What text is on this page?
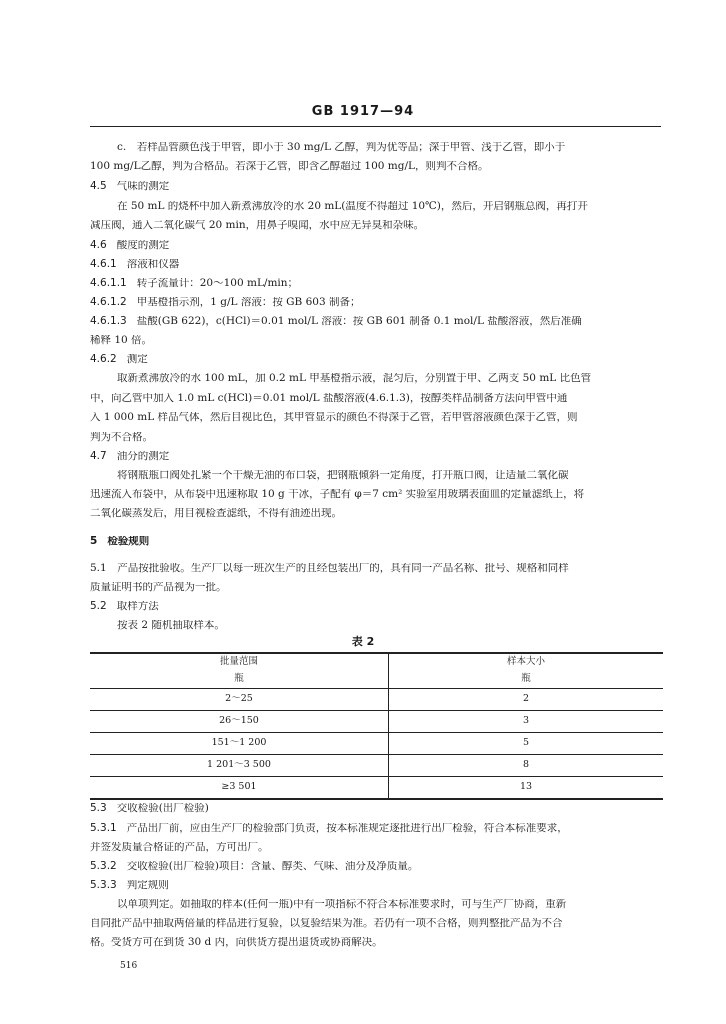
GB 1917—94
c.　若样品管颜色浅于甲管，即小于 30 mg/L 乙醇，判为优等品；深于甲管、浅于乙管，即小于
100 mg/L乙醇，判为合格品。若深于乙管，即含乙醇超过 100 mg/L，则判不合格。
4.5 气味的测定
在 50 mL 的烧杯中加入新煮沸放冷的水 20 mL(温度不得超过 10℃)，然后，开启钢瓶总阀，再打开
减压阀，通入二氧化碳气 20 min，用鼻子嗅闻，水中应无异臭和杂味。
4.6 酸度的测定
4.6.1 溶液和仪器
4.6.1.1 转子流量计：20～100 mL/min；
4.6.1.2 甲基橙指示剂，1 g/L 溶液：按 GB 603 制备；
4.6.1.3 盐酸(GB 622)，c(HCl)＝0.01 mol/L 溶液：按 GB 601 制备 0.1 mol/L 盐酸溶液，然后准确
稀释 10 倍。
4.6.2 测定
取新煮沸放冷的水 100 mL，加 0.2 mL 甲基橙指示液，混匀后，分别置于甲、乙两支 50 mL 比色管
中，向乙管中加入 1.0 mL c(HCl)＝0.01 mol/L 盐酸溶液(4.6.1.3)，按醇类样品制备方法向甲管中通
入 1 000 mL 样品气体，然后目视比色，其甲管显示的颜色不得深于乙管，若甲管溶液颜色深于乙管，则
判为不合格。
4.7 油分的测定
将钢瓶瓶口阀处扎紧一个干燥无油的布口袋，把钢瓶倾斜一定角度，打开瓶口阀，让适量二氧化碳
迅速流入布袋中，从布袋中迅速称取 10 g 干冰，子配有 φ＝7 cm² 实验室用玻璃表面皿的定量滤纸上，将
二氧化碳蒸发后，用目视检查滤纸，不得有油迹出现。
5 检验规则
5.1　产品按批验收。生产厂以每一班次生产的且经包装出厂的，具有同一产品名称、批号、规格和同样
质量证明书的产品视为一批。
5.2 取样方法
按表 2 随机抽取样本。
表 2
批量范围	样本大小
瓶	瓶
2～25	2
26～150	3
151～1 200	5
1 201～3 500	8
≥3 501	13
5.3 交收检验(出厂检验)
5.3.1 产品出厂前，应由生产厂的检验部门负责，按本标准规定逐批进行出厂检验，符合本标准要求，
并签发质量合格证的产品，方可出厂。
5.3.2 交收检验(出厂检验)项目：含量、醇类、气味、油分及净质量。
5.3.3 判定规则
以单项判定。如抽取的样本(任何一瓶)中有一项指标不符合本标准要求时，可与生产厂协商，重新
自同批产品中抽取两倍量的样品进行复验，以复验结果为准。若仍有一项不合格，则判整批产品为不合
格。受货方可在到货 30 d 内，向供货方提出退货或协商解决。
516
